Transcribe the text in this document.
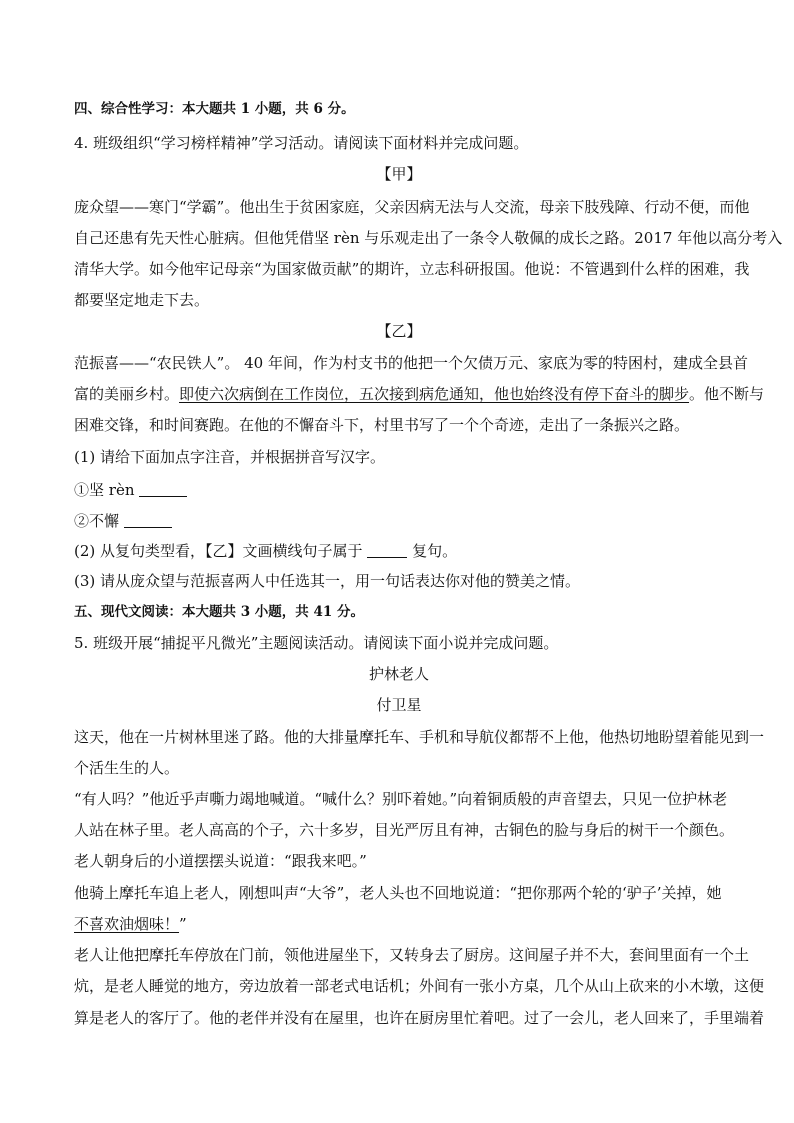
四、综合性学习：本大题共 1 小题，共 6 分。
4. 班级组织“学习榜样精神”学习活动。请阅读下面材料并完成问题。
【甲】
庞众望——寒门“学霸”。他出生于贫困家庭，父亲因病无法与人交流，母亲下肢残障、行动不便，而他
自己还患有先天性心脏病。但他凭借坚 rèn 与乐观走出了一条令人敬佩的成长之路。2017 年他以高分考入
清华大学。如今他牢记母亲“为国家做贡献”的期许，立志科研报国。他说：不管遇到什么样的困难，我
都要坚定地走下去。
【乙】
范振喜——“农民铁人”。 40 年间，作为村支书的他把一个欠债万元、家底为零的特困村，建成全县首
富的美丽乡村。即使六次病倒在工作岗位，五次接到病危通知，他也始终没有停下奋斗的脚步。他不断与
困难交锋，和时间赛跑。在他的不懈奋斗下，村里书写了一个个奇迹，走出了一条振兴之路。
(1) 请给下面加点字注音，并根据拼音写汉字。
①坚 rèn
②不懈
(2) 从复句类型看，【乙】文画横线句子属于	复句。
(3) 请从庞众望与范振喜两人中任选其一，用一句话表达你对他的赞美之情。
五、现代文阅读：本大题共 3 小题，共 41 分。
5. 班级开展“捕捉平凡微光”主题阅读活动。请阅读下面小说并完成问题。
护林老人
付卫星
这天，他在一片树林里迷了路。他的大排量摩托车、手机和导航仪都帮不上他，他热切地盼望着能见到一
个活生生的人。
“有人吗？”他近乎声嘶力竭地喊道。“喊什么？别吓着她。”向着铜质般的声音望去，只见一位护林老
人站在林子里。老人高高的个子，六十多岁，目光严厉且有神，古铜色的脸与身后的树干一个颜色。
老人朝身后的小道摆摆头说道：“跟我来吧。”
他骑上摩托车追上老人，刚想叫声“大爷”，老人头也不回地说道：“把你那两个轮的‘驴子’关掉，她
不喜欢油烟味！”
老人让他把摩托车停放在门前，领他进屋坐下，又转身去了厨房。这间屋子并不大，套间里面有一个土
炕，是老人睡觉的地方，旁边放着一部老式电话机；外间有一张小方桌，几个从山上砍来的小木墩，这便
算是老人的客厅了。他的老伴并没有在屋里，也许在厨房里忙着吧。过了一会儿，老人回来了，手里端着
